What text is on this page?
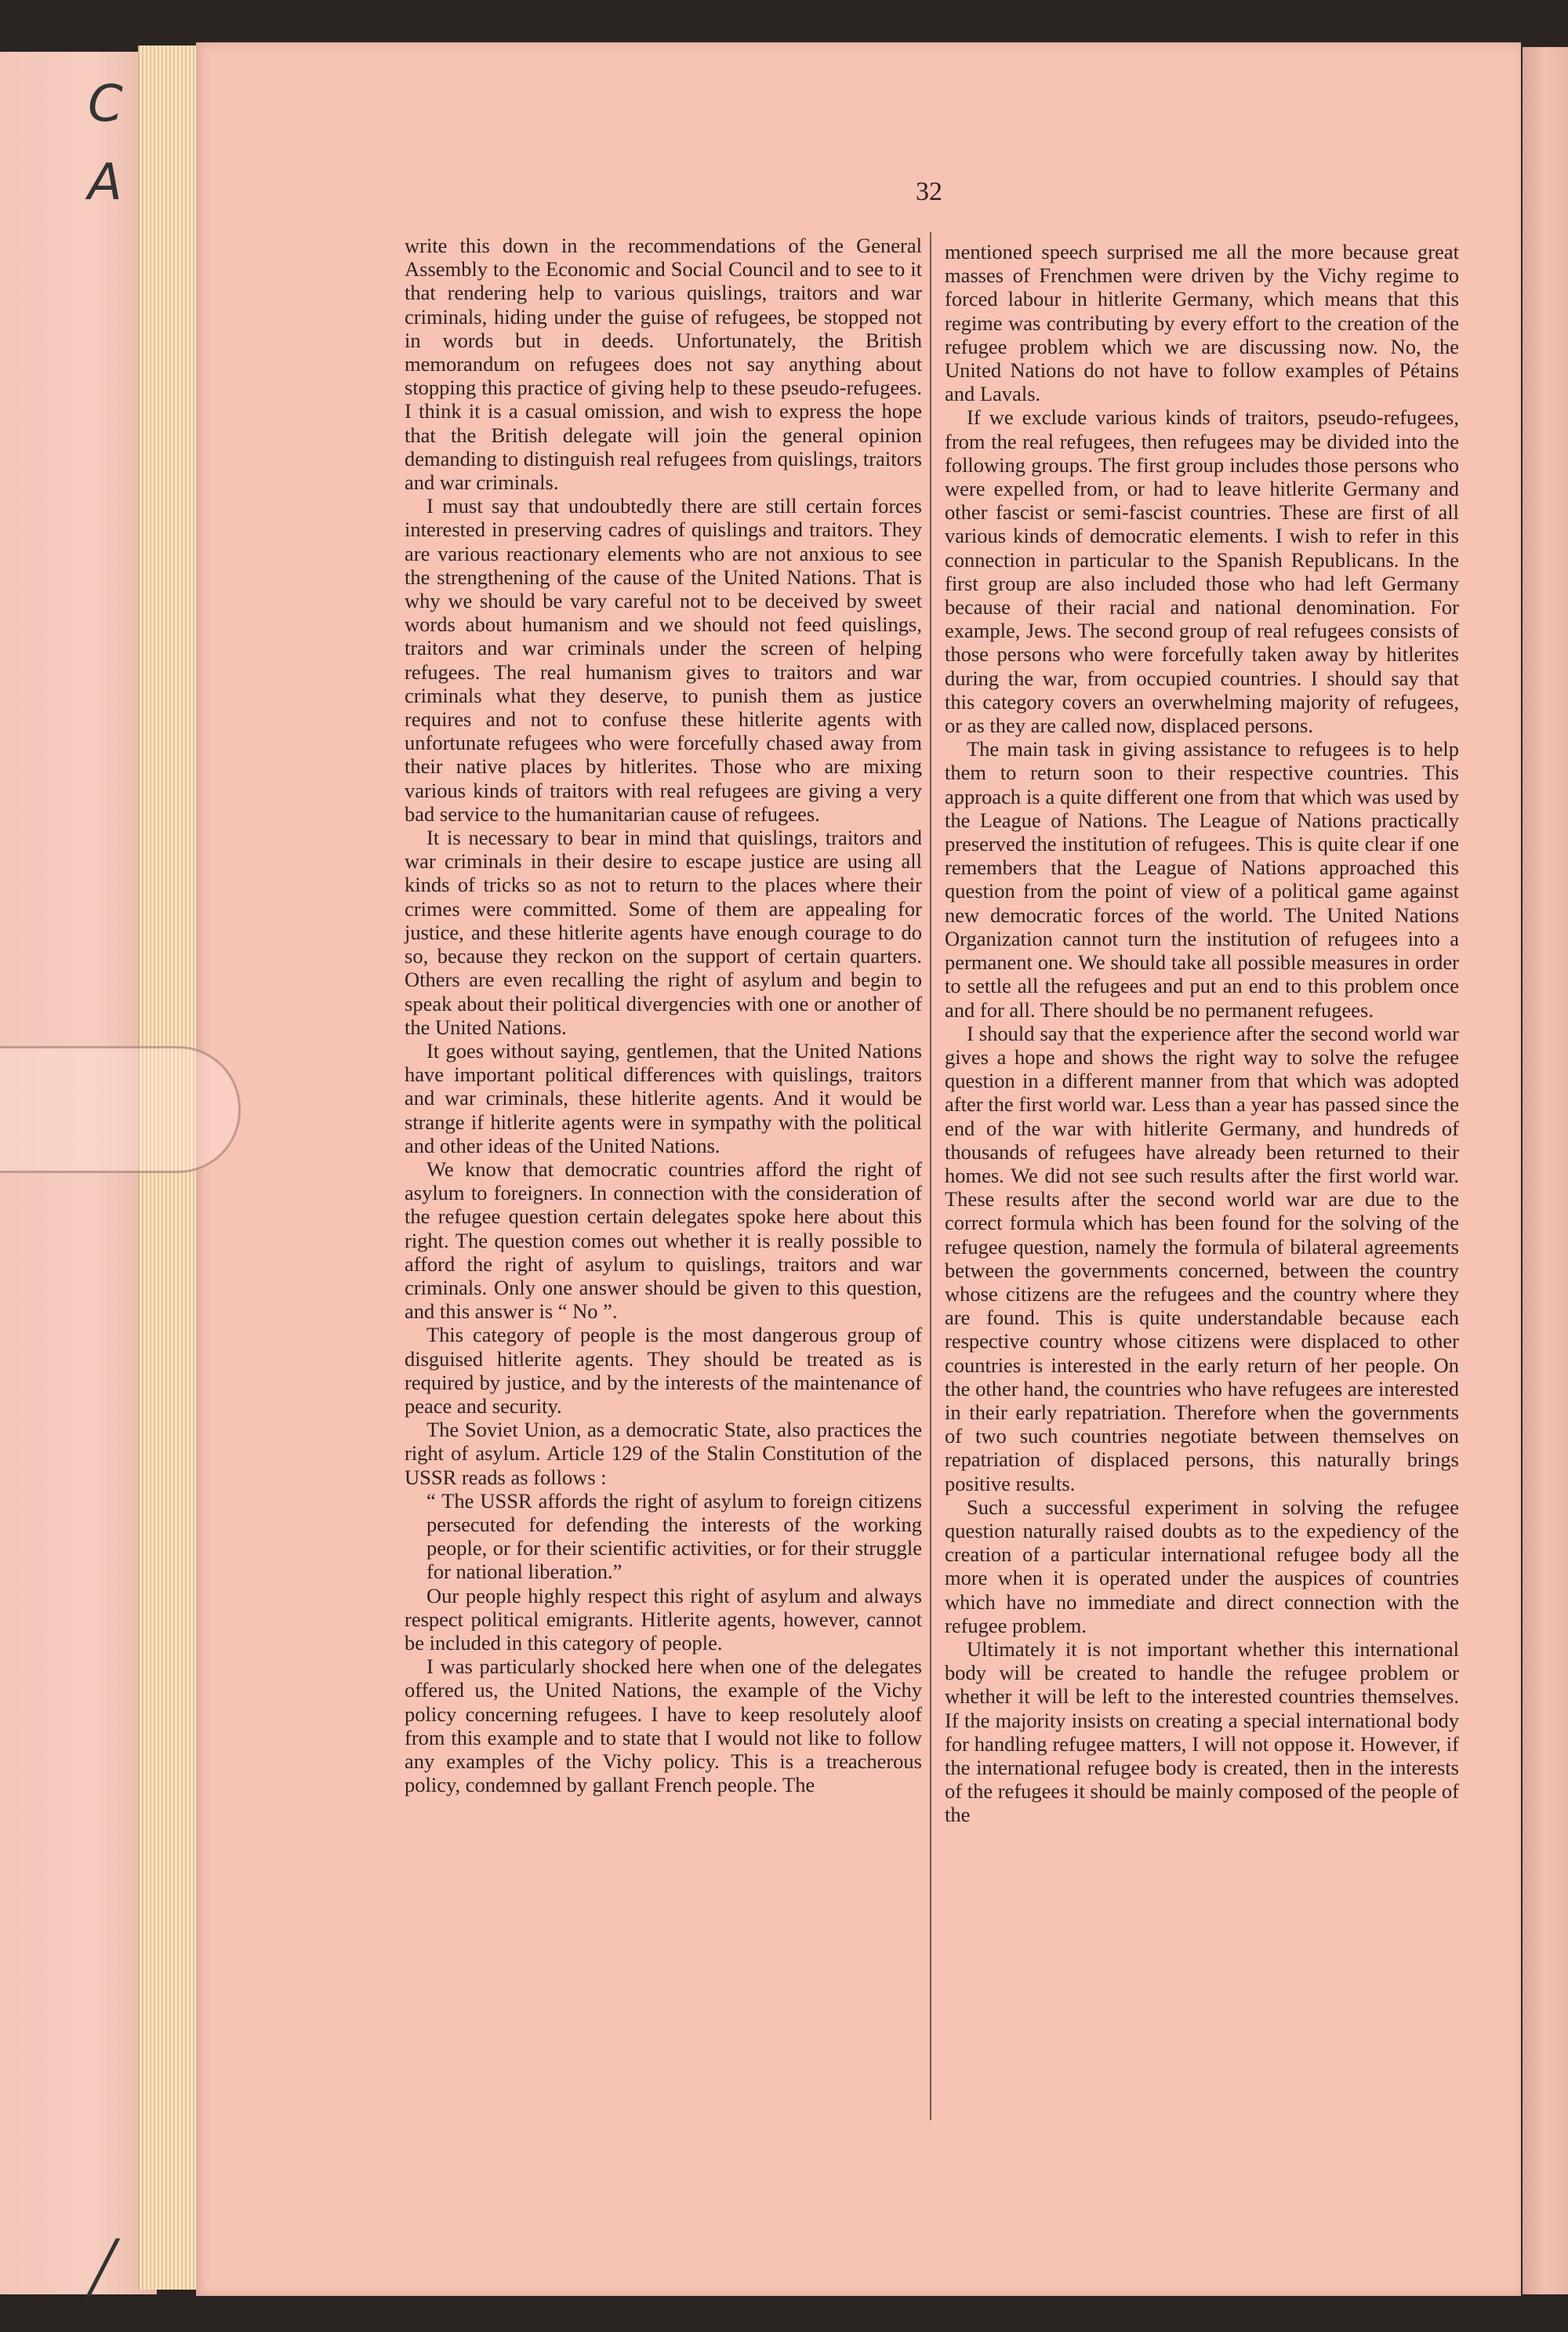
C
A
╱

32

write this down in the recommendations of the General Assembly to the Economic and Social Council and to see to it that rendering help to various quislings, traitors and war criminals, hiding under the guise of refugees, be stopped not in words but in deeds. Unfortunately, the British memorandum on refugees does not say anything about stopping this practice of giving help to these pseudo-refugees. I think it is a casual omission, and wish to express the hope that the British delegate will join the general opinion demanding to distinguish real refugees from quislings, traitors and war criminals.

I must say that undoubtedly there are still certain forces interested in preserving cadres of quislings and traitors. They are various reactionary elements who are not anxious to see the strengthening of the cause of the United Nations. That is why we should be vary careful not to be deceived by sweet words about humanism and we should not feed quislings, traitors and war criminals under the screen of helping refugees. The real humanism gives to traitors and war criminals what they deserve, to punish them as justice requires and not to confuse these hitlerite agents with unfortunate refugees who were forcefully chased away from their native places by hitlerites. Those who are mixing various kinds of traitors with real refugees are giving a very bad service to the humanitarian cause of refugees.

It is necessary to bear in mind that quislings, traitors and war criminals in their desire to escape justice are using all kinds of tricks so as not to return to the places where their crimes were committed. Some of them are appealing for justice, and these hitlerite agents have enough courage to do so, because they reckon on the support of certain quarters. Others are even recalling the right of asylum and begin to speak about their political divergencies with one or another of the United Nations.

It goes without saying, gentlemen, that the United Nations have important political differences with quislings, traitors and war criminals, these hitlerite agents. And it would be strange if hitlerite agents were in sympathy with the political and other ideas of the United Nations.

We know that democratic countries afford the right of asylum to foreigners. In connection with the consideration of the refugee question certain delegates spoke here about this right. The question comes out whether it is really possible to afford the right of asylum to quislings, traitors and war criminals. Only one answer should be given to this question, and this answer is “ No ”.

This category of people is the most dangerous group of disguised hitlerite agents. They should be treated as is required by justice, and by the interests of the maintenance of peace and security.

The Soviet Union, as a democratic State, also practices the right of asylum. Article 129 of the Stalin Constitution of the USSR reads as follows :

“ The USSR affords the right of asylum to foreign citizens persecuted for defending the interests of the working people, or for their scientific activities, or for their struggle for national liberation.”

Our people highly respect this right of asylum and always respect political emigrants. Hitlerite agents, however, cannot be included in this category of people.

I was particularly shocked here when one of the delegates offered us, the United Nations, the example of the Vichy policy concerning refugees. I have to keep resolutely aloof from this example and to state that I would not like to follow any examples of the Vichy policy. This is a treacherous policy, condemned by gallant French people. The

mentioned speech surprised me all the more because great masses of Frenchmen were driven by the Vichy regime to forced labour in hitlerite Germany, which means that this regime was contributing by every effort to the creation of the refugee problem which we are discussing now. No, the United Nations do not have to follow examples of Pétains and Lavals.

If we exclude various kinds of traitors, pseudo-refugees, from the real refugees, then refugees may be divided into the following groups. The first group includes those persons who were expelled from, or had to leave hitlerite Germany and other fascist or semi-fascist countries. These are first of all various kinds of democratic elements. I wish to refer in this connection in particular to the Spanish Republicans. In the first group are also included those who had left Germany because of their racial and national denomination. For example, Jews. The second group of real refugees consists of those persons who were forcefully taken away by hitlerites during the war, from occupied countries. I should say that this category covers an overwhelming majority of refugees, or as they are called now, displaced persons.

The main task in giving assistance to refugees is to help them to return soon to their respective countries. This approach is a quite different one from that which was used by the League of Nations. The League of Nations practically preserved the institution of refugees. This is quite clear if one remembers that the League of Nations approached this question from the point of view of a political game against new democratic forces of the world. The United Nations Organization cannot turn the institution of refugees into a permanent one. We should take all possible measures in order to settle all the refugees and put an end to this problem once and for all. There should be no permanent refugees.

I should say that the experience after the second world war gives a hope and shows the right way to solve the refugee question in a different manner from that which was adopted after the first world war. Less than a year has passed since the end of the war with hitlerite Germany, and hundreds of thousands of refugees have already been returned to their homes. We did not see such results after the first world war. These results after the second world war are due to the correct formula which has been found for the solving of the refugee question, namely the formula of bilateral agreements between the governments concerned, between the country whose citizens are the refugees and the country where they are found. This is quite understandable because each respective country whose citizens were displaced to other countries is interested in the early return of her people. On the other hand, the countries who have refugees are interested in their early repatriation. Therefore when the governments of two such countries negotiate between themselves on repatriation of displaced persons, this naturally brings positive results.

Such a successful experiment in solving the refugee question naturally raised doubts as to the expediency of the creation of a particular international refugee body all the more when it is operated under the auspices of countries which have no immediate and direct connection with the refugee problem.

Ultimately it is not important whether this international body will be created to handle the refugee problem or whether it will be left to the interested countries themselves. If the majority insists on creating a special international body for handling refugee matters, I will not oppose it. However, if the international refugee body is created, then in the interests of the refugees it should be mainly composed of the people of the
